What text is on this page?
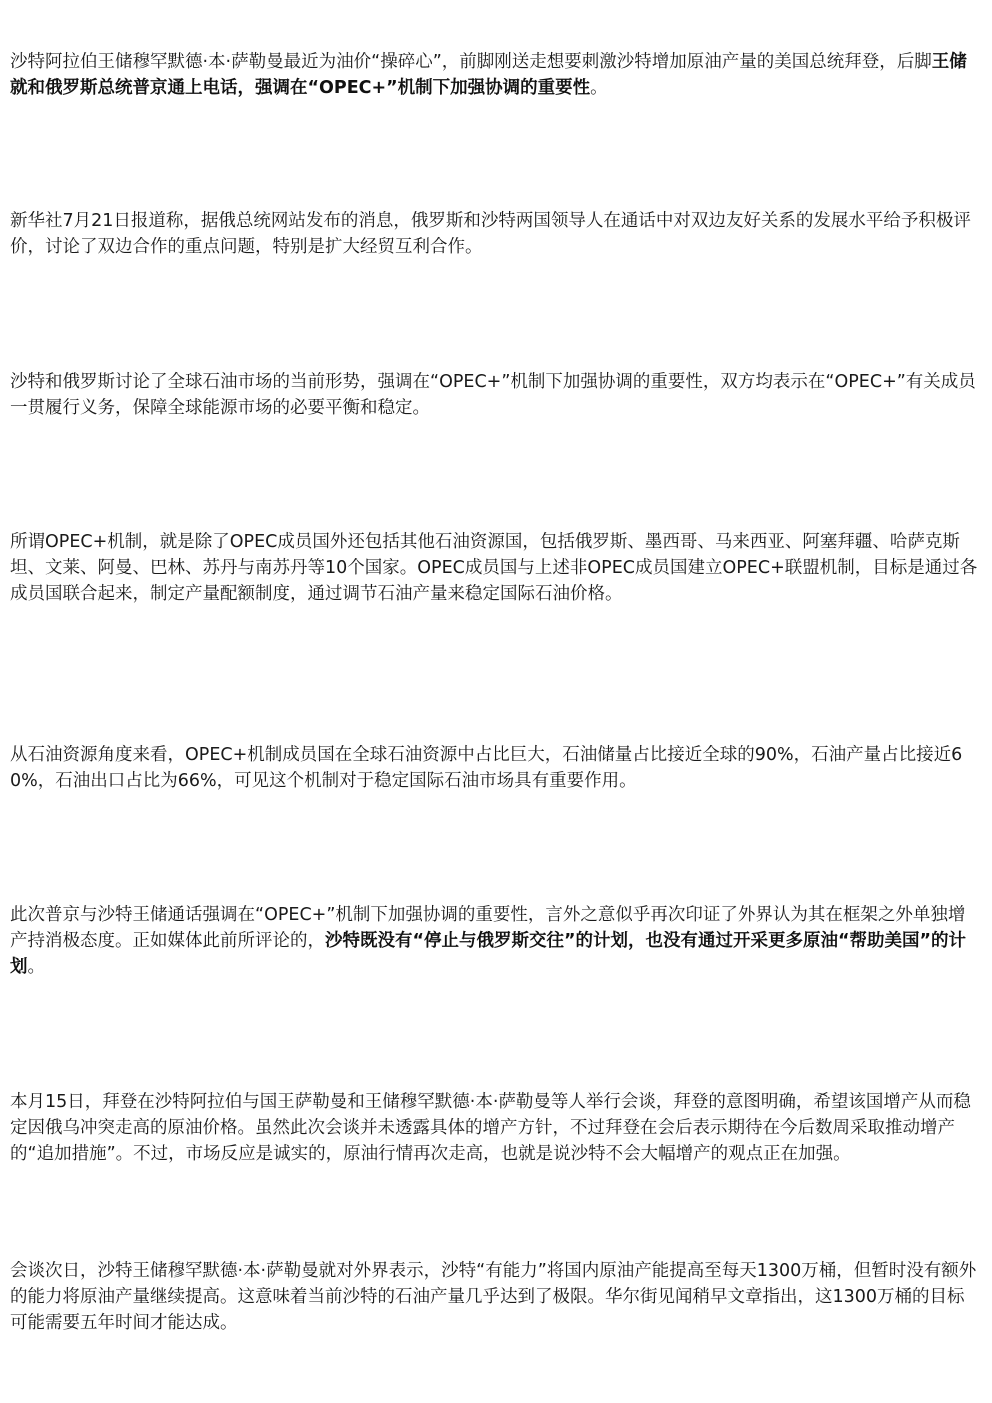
沙特阿拉伯王储穆罕默德·本·萨勒曼最近为油价“操碎心”，前脚刚送走想要刺激沙特增加原油产量的美国总统拜登，后脚王储就和俄罗斯总统普京通上电话，强调在“OPEC+”机制下加强协调的重要性。

新华社7月21日报道称，据俄总统网站发布的消息，俄罗斯和沙特两国领导人在通话中对双边友好关系的发展水平给予积极评价，讨论了双边合作的重点问题，特别是扩大经贸互利合作。

沙特和俄罗斯讨论了全球石油市场的当前形势，强调在“OPEC+”机制下加强协调的重要性，双方均表示在“OPEC+”有关成员一贯履行义务，保障全球能源市场的必要平衡和稳定。

所谓OPEC+机制，就是除了OPEC成员国外还包括其他石油资源国，包括俄罗斯、墨西哥、马来西亚、阿塞拜疆、哈萨克斯坦、文莱、阿曼、巴林、苏丹与南苏丹等10个国家。OPEC成员国与上述非OPEC成员国建立OPEC+联盟机制，目标是通过各成员国联合起来，制定产量配额制度，通过调节石油产量来稳定国际石油价格。

从石油资源角度来看，OPEC+机制成员国在全球石油资源中占比巨大，石油储量占比接近全球的90%，石油产量占比接近60%，石油出口占比为66%，可见这个机制对于稳定国际石油市场具有重要作用。

此次普京与沙特王储通话强调在“OPEC+”机制下加强协调的重要性，言外之意似乎再次印证了外界认为其在框架之外单独增产持消极态度。正如媒体此前所评论的，沙特既没有“停止与俄罗斯交往”的计划，也没有通过开采更多原油“帮助美国”的计划。

本月15日，拜登在沙特阿拉伯与国王萨勒曼和王储穆罕默德·本·萨勒曼等人举行会谈，拜登的意图明确，希望该国增产从而稳定因俄乌冲突走高的原油价格。虽然此次会谈并未透露具体的增产方针，不过拜登在会后表示期待在今后数周采取推动增产的“追加措施”。不过，市场反应是诚实的，原油行情再次走高，也就是说沙特不会大幅增产的观点正在加强。

会谈次日，沙特王储穆罕默德·本·萨勒曼就对外界表示，沙特“有能力”将国内原油产能提高至每天1300万桶，但暂时没有额外的能力将原油产量继续提高。这意味着当前沙特的石油产量几乎达到了极限。华尔街见闻稍早文章指出，这1300万桶的目标可能需要五年时间才能达成。
